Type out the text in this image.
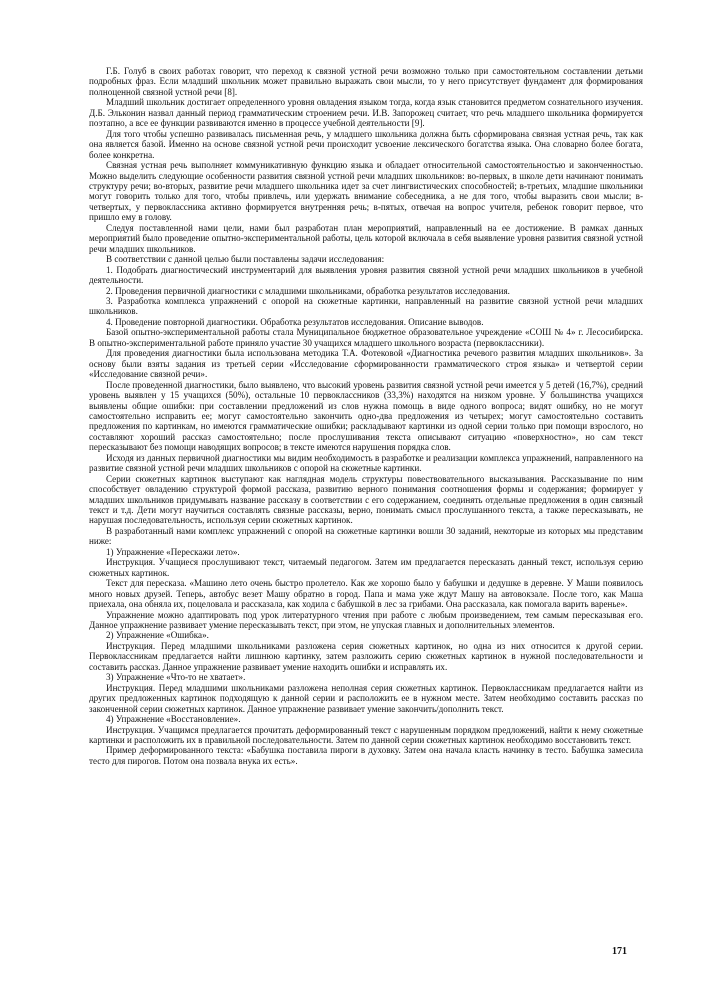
Г.Б. Голуб в своих работах говорит, что переход к связной устной речи возможно только при самостоятельном составлении детьми подробных фраз. Если младший школьник может правильно выражать свои мысли, то у него присутствует фундамент для формирования полноценной связной устной речи [8].

Младший школьник достигает определенного уровня овладения языком тогда, когда язык становится предметом сознательного изучения. Д.Б. Эльконин назвал данный период грамматическим строением речи. И.В. Запорожец считает, что речь младшего школьника формируется поэтапно, а все ее функции развиваются именно в процессе учебной деятельности [9].

Для того чтобы успешно развивалась письменная речь, у младшего школьника должна быть сформирована связная устная речь, так как она является базой. Именно на основе связной устной речи происходит усвоение лексического богатства языка. Она словарно более богата, более конкретна.

Связная устная речь выполняет коммуникативную функцию языка и обладает относительной самостоятельностью и законченностью. Можно выделить следующие особенности развития связной устной речи младших школьников: во-первых, в школе дети начинают понимать структуру речи; во-вторых, развитие речи младшего школьника идет за счет лингвистических способностей; в-третьих, младшие школьники могут говорить только для того, чтобы привлечь, или удержать внимание собеседника, а не для того, чтобы выразить свои мысли; в-четвертых, у первоклассника активно формируется внутренняя речь; в-пятых, отвечая на вопрос учителя, ребенок говорит первое, что пришло ему в голову.

Следуя поставленной нами цели, нами был разработан план мероприятий, направленный на ее достижение. В рамках данных мероприятий было проведение опытно-экспериментальной работы, цель которой включала в себя выявление уровня развития связной устной речи младших школьников.

В соответствии с данной целью были поставлены задачи исследования:

1. Подобрать диагностический инструментарий для выявления уровня развития связной устной речи младших школьников в учебной деятельности.

2. Проведения первичной диагностики с младшими школьниками, обработка результатов исследования.

3. Разработка комплекса упражнений с опорой на сюжетные картинки, направленный на развитие связной устной речи младших школьников.

4. Проведение повторной диагностики. Обработка результатов исследования. Описание выводов.

Базой опытно-экспериментальной работы стала Муниципальное бюджетное образовательное учреждение «СОШ № 4» г. Лесосибирска. В опытно-экспериментальной работе приняло участие 30 учащихся младшего школьного возраста (первоклассники).

Для проведения диагностики была использована методика Т.А. Фотековой «Диагностика речевого развития младших школьников». За основу были взяты задания из третьей серии «Исследование сформированности грамматического строя языка» и четвертой серии «Исследование связной речи».

После проведенной диагностики, было выявлено, что высокий уровень развития связной устной речи имеется у 5 детей (16,7%), средний уровень выявлен у 15 учащихся (50%), остальные 10 первоклассников (33,3%) находятся на низком уровне. У большинства учащихся выявлены общие ошибки: при составлении предложений из слов нужна помощь в виде одного вопроса; видят ошибку, но не могут самостоятельно исправить ее; могут самостоятельно закончить одно-два предложения из четырех; могут самостоятельно составить предложения по картинкам, но имеются грамматические ошибки; раскладывают картинки из одной серии только при помощи взрослого, но составляют хороший рассказ самостоятельно; после прослушивания текста описывают ситуацию «поверхностно», но сам текст пересказывают без помощи наводящих вопросов; в тексте имеются нарушения порядка слов.

Исходя из данных первичной диагностики мы видим необходимость в разработке и реализации комплекса упражнений, направленного на развитие связной устной речи младших школьников с опорой на сюжетные картинки.

Серии сюжетных картинок выступают как наглядная модель структуры повествовательного высказывания. Рассказывание по ним способствует овладению структурой формой рассказа, развитию верного понимания соотношения формы и содержания; формирует у младших школьников придумывать название рассказу в соответствии с его содержанием, соединять отдельные предложения в один связный текст и т.д. Дети могут научиться составлять связные рассказы, верно, понимать смысл прослушанного текста, а также пересказывать, не нарушая последовательность, используя серии сюжетных картинок.

В разработанный нами комплекс упражнений с опорой на сюжетные картинки вошли 30 заданий, некоторые из которых мы представим ниже:

1) Упражнение «Перескажи лето».

Инструкция. Учащиеся прослушивают текст, читаемый педагогом. Затем им предлагается пересказать данный текст, используя серию сюжетных картинок.

Текст для пересказа. «Машино лето очень быстро пролетело. Как же хорошо было у бабушки и дедушке в деревне. У Маши появилось много новых друзей. Теперь, автобус везет Машу обратно в город. Папа и мама уже ждут Машу на автовокзале. После того, как Маша приехала, она обняла их, поцеловала и рассказала, как ходила с бабушкой в лес за грибами. Она рассказала, как помогала варить варенье».

Упражнение можно адаптировать под урок литературного чтения при работе с любым произведением, тем самым пересказывая его. Данное упражнение развивает умение пересказывать текст, при этом, не упуская главных и дополнительных элементов.

2) Упражнение «Ошибка».

Инструкция. Перед младшими школьниками разложена серия сюжетных картинок, но одна из них относится к другой серии. Первоклассникам предлагается найти лишнюю картинку, затем разложить серию сюжетных картинок в нужной последовательности и составить рассказ. Данное упражнение развивает умение находить ошибки и исправлять их.

3) Упражнение «Что-то не хватает».

Инструкция. Перед младшими школьниками разложена неполная серия сюжетных картинок. Первоклассникам предлагается найти из других предложенных картинок подходящую к данной серии и расположить ее в нужном месте. Затем необходимо составить рассказ по законченной серии сюжетных картинок. Данное упражнение развивает умение закончить/дополнить текст.

4) Упражнение «Восстановление».

Инструкция. Учащимся предлагается прочитать деформированный текст с нарушенным порядком предложений, найти к нему сюжетные картинки и расположить их в правильной последовательности. Затем по данной серии сюжетных картинок необходимо восстановить текст.

Пример деформированного текста: «Бабушка поставила пироги в духовку. Затем она начала класть начинку в тесто. Бабушка замесила тесто для пирогов. Потом она позвала внука их есть».

171
